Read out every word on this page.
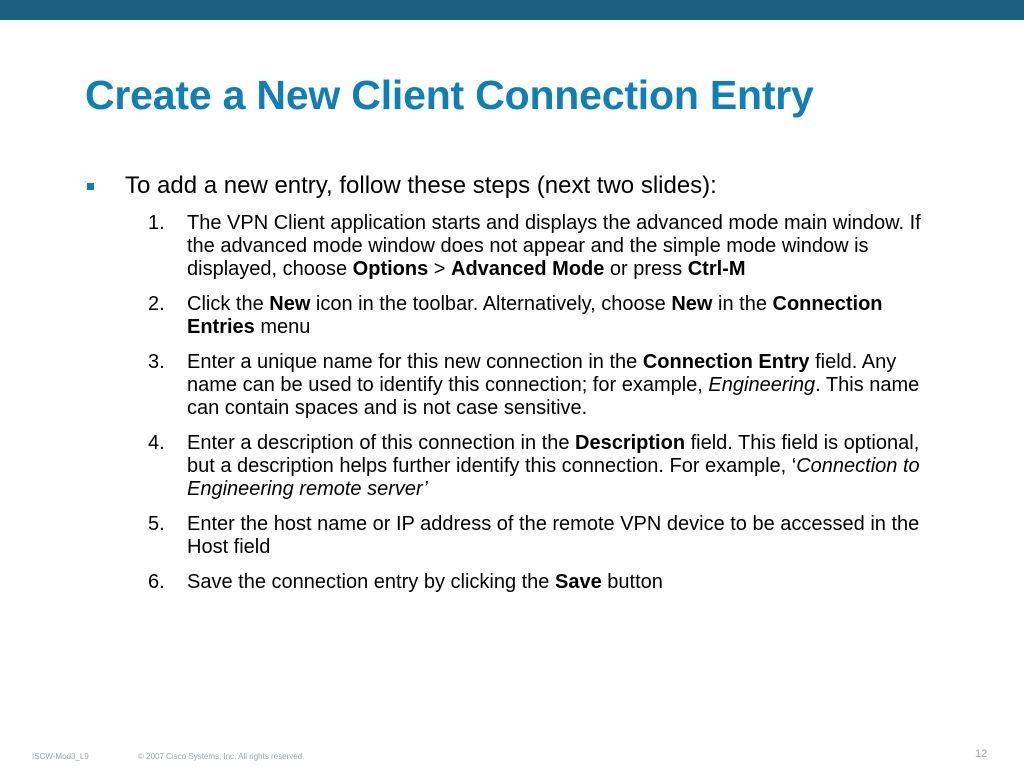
Create a New Client Connection Entry
To add a new entry, follow these steps (next two slides):
1. The VPN Client application starts and displays the advanced mode main window. If the advanced mode window does not appear and the simple mode window is displayed, choose Options > Advanced Mode or press Ctrl-M
2. Click the New icon in the toolbar. Alternatively, choose New in the Connection Entries menu
3. Enter a unique name for this new connection in the Connection Entry field. Any name can be used to identify this connection; for example, Engineering. This name can contain spaces and is not case sensitive.
4. Enter a description of this connection in the Description field. This field is optional, but a description helps further identify this connection. For example, ‘Connection to Engineering remote server’
5. Enter the host name or IP address of the remote VPN device to be accessed in the Host field
6. Save the connection entry by clicking the Save button
ISCW-Mod3_L9	© 2007 Cisco Systems, Inc. All rights reserved.	12
